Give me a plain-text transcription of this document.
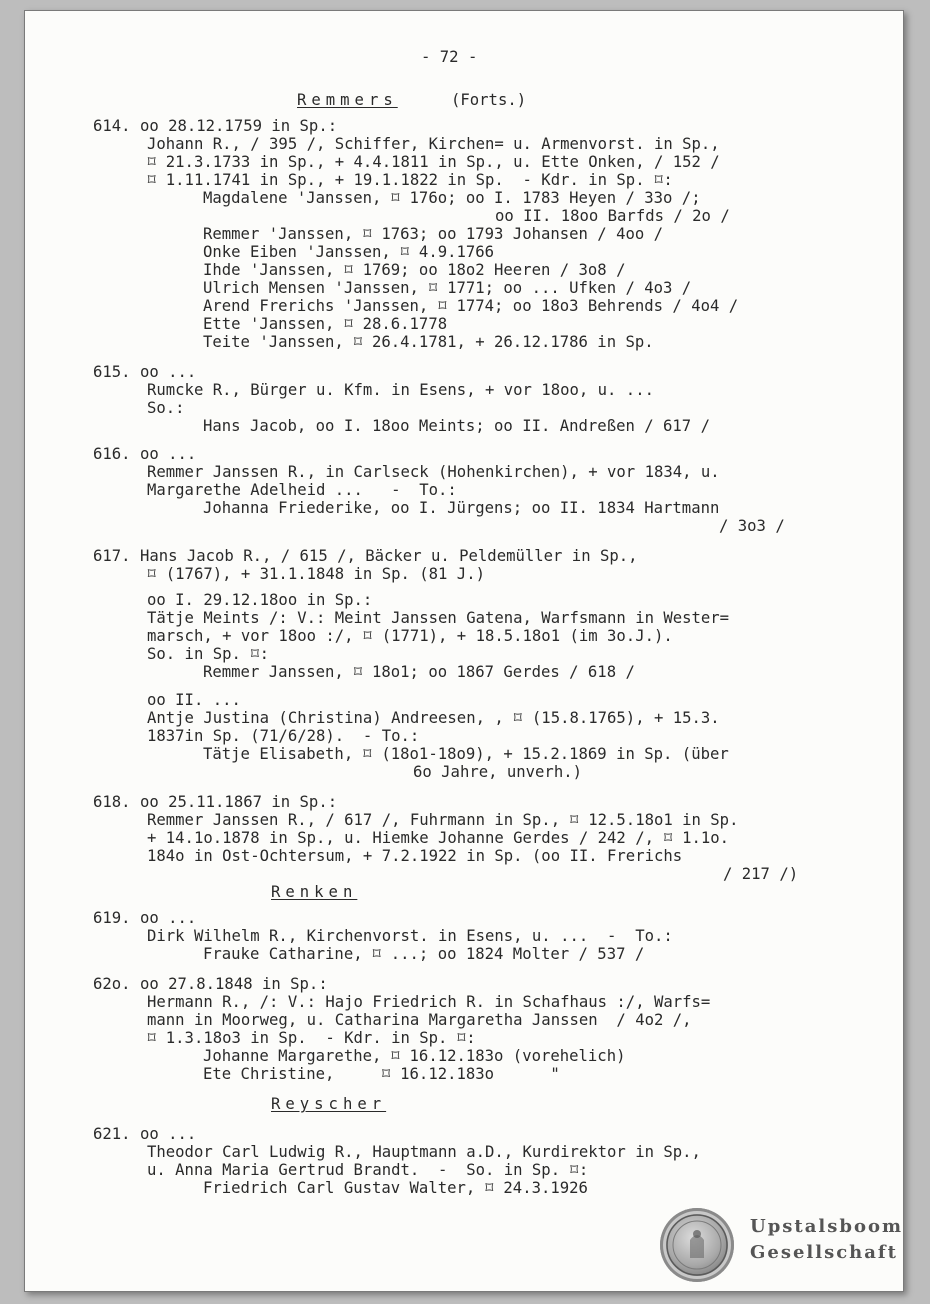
- 72 -
Remmers	(Forts.)
614. oo 28.12.1759 in Sp.:
Johann R., / 395 /, Schiffer, Kirchen= u. Armenvorst. in Sp.,
⌑ 21.3.1733 in Sp., + 4.4.1811 in Sp., u. Ette Onken, / 152 /
⌑ 1.11.1741 in Sp., + 19.1.1822 in Sp.  - Kdr. in Sp. ⌑:
Magdalene 'Janssen, ⌑ 176o; oo I. 1783 Heyen / 33o /;
oo II. 18oo Barfds / 2o /
Remmer 'Janssen, ⌑ 1763; oo 1793 Johansen / 4oo /
Onke Eiben 'Janssen, ⌑ 4.9.1766
Ihde 'Janssen, ⌑ 1769; oo 18o2 Heeren / 3o8 /
Ulrich Mensen 'Janssen, ⌑ 1771; oo ... Ufken / 4o3 /
Arend Frerichs 'Janssen, ⌑ 1774; oo 18o3 Behrends / 4o4 /
Ette 'Janssen, ⌑ 28.6.1778
Teite 'Janssen, ⌑ 26.4.1781, + 26.12.1786 in Sp.
615. oo ...
Rumcke R., Bürger u. Kfm. in Esens, + vor 18oo, u. ...
So.:
Hans Jacob, oo I. 18oo Meints; oo II. Andreßen / 617 /
616. oo ...
Remmer Janssen R., in Carlseck (Hohenkirchen), + vor 1834, u.
Margarethe Adelheid ...   -  To.:
Johanna Friederike, oo I. Jürgens; oo II. 1834 Hartmann
/ 3o3 /
617. Hans Jacob R., / 615 /, Bäcker u. Peldemüller in Sp.,
⌑ (1767), + 31.1.1848 in Sp. (81 J.)
oo I. 29.12.18oo in Sp.:
Tätje Meints /: V.: Meint Janssen Gatena, Warfsmann in Wester=
marsch, + vor 18oo :/, ⌑ (1771), + 18.5.18o1 (im 3o.J.).
So. in Sp. ⌑:
Remmer Janssen, ⌑ 18o1; oo 1867 Gerdes / 618 /
oo II. ...
Antje Justina (Christina) Andreesen, , ⌑ (15.8.1765), + 15.3.
1837in Sp. (71/6/28).  - To.:
Tätje Elisabeth, ⌑ (18o1-18o9), + 15.2.1869 in Sp. (über
6o Jahre, unverh.)
618. oo 25.11.1867 in Sp.:
Remmer Janssen R., / 617 /, Fuhrmann in Sp., ⌑ 12.5.18o1 in Sp.
+ 14.1o.1878 in Sp., u. Hiemke Johanne Gerdes / 242 /, ⌑ 1.1o.
184o in Ost-Ochtersum, + 7.2.1922 in Sp. (oo II. Frerichs
/ 217 /)
Renken
619. oo ...
Dirk Wilhelm R., Kirchenvorst. in Esens, u. ...  -  To.:
Frauke Catharine, ⌑ ...; oo 1824 Molter / 537 /
62o. oo 27.8.1848 in Sp.:
Hermann R., /: V.: Hajo Friedrich R. in Schafhaus :/, Warfs=
mann in Moorweg, u. Catharina Margaretha Janssen  / 4o2 /,
⌑ 1.3.18o3 in Sp.  - Kdr. in Sp. ⌑:
Johanne Margarethe, ⌑ 16.12.183o (vorehelich)
Ete Christine,     ⌑ 16.12.183o      "
Reyscher
621. oo ...
Theodor Carl Ludwig R., Hauptmann a.D., Kurdirektor in Sp.,
u. Anna Maria Gertrud Brandt.  -  So. in Sp. ⌑:
Friedrich Carl Gustav Walter, ⌑ 24.3.1926
Upstalsboom
Gesellschaft
